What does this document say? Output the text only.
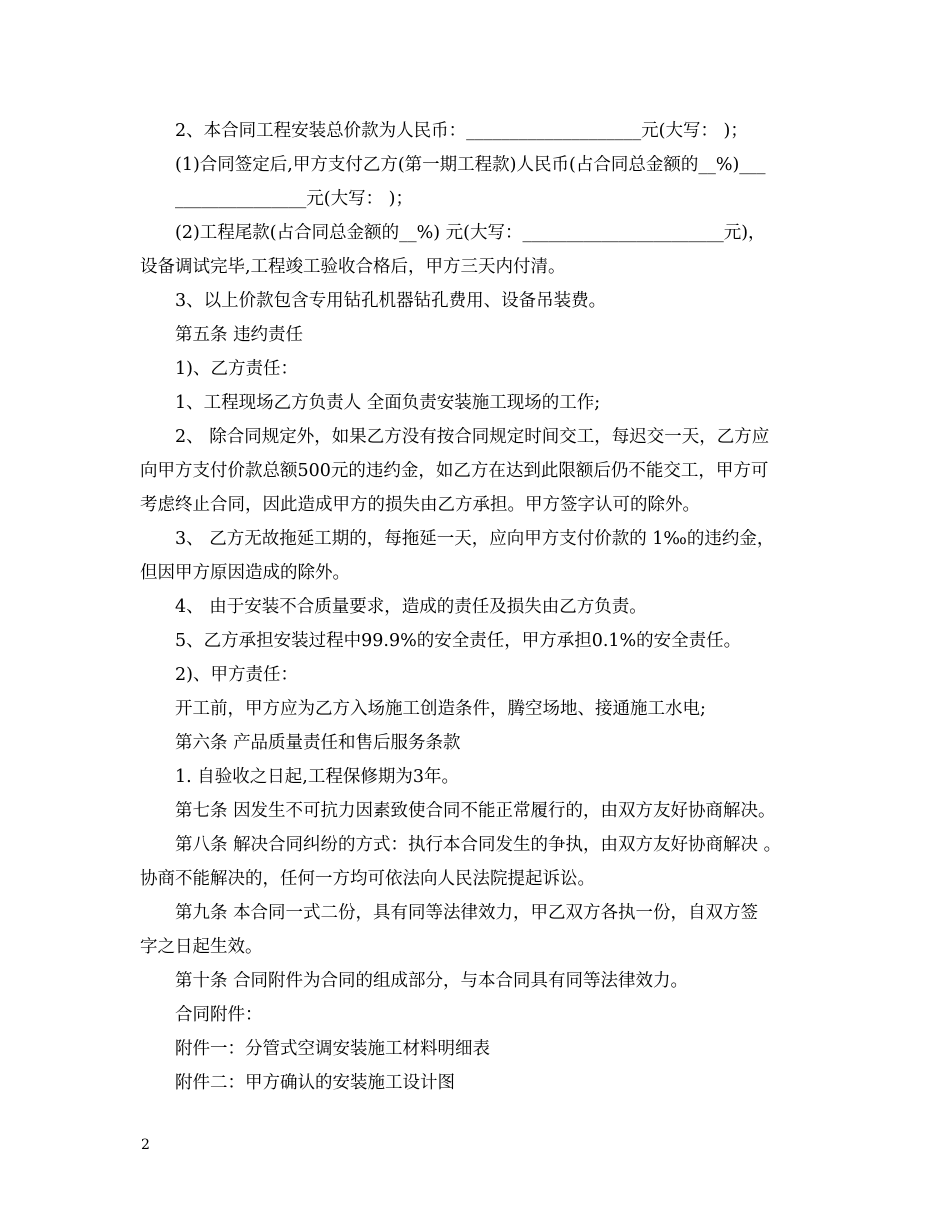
2、本合同工程安装总价款为人民币：____________________元(大写： )；

(1)合同签定后,甲方支付乙方(第一期工程款)人民币(占合同总金额的__%)___

_______________元(大写： )；

(2)工程尾款(占合同总金额的__%) 元(大写：_______________________元)，

设备调试完毕,工程竣工验收合格后，甲方三天内付清。

3、以上价款包含专用钻孔机器钻孔费用、设备吊装费。

第五条 违约责任

1)、乙方责任：

1、工程现场乙方负责人 全面负责安装施工现场的工作;

2、 除合同规定外，如果乙方没有按合同规定时间交工，每迟交一天，乙方应

向甲方支付价款总额500元的违约金，如乙方在达到此限额后仍不能交工，甲方可

考虑终止合同，因此造成甲方的损失由乙方承担。甲方签字认可的除外。

3、 乙方无故拖延工期的，每拖延一天，应向甲方支付价款的 1‰的违约金，

但因甲方原因造成的除外。

4、 由于安装不合质量要求，造成的责任及损失由乙方负责。

5、乙方承担安装过程中99.9%的安全责任，甲方承担0.1%的安全责任。

2)、甲方责任：

开工前，甲方应为乙方入场施工创造条件，腾空场地、接通施工水电;

第六条 产品质量责任和售后服务条款

1. 自验收之日起,工程保修期为3年。

第七条 因发生不可抗力因素致使合同不能正常履行的，由双方友好协商解决。

第八条 解决合同纠纷的方式：执行本合同发生的争执，由双方友好协商解决 。

协商不能解决的，任何一方均可依法向人民法院提起诉讼。

第九条 本合同一式二份，具有同等法律效力，甲乙双方各执一份，自双方签

字之日起生效。

第十条 合同附件为合同的组成部分，与本合同具有同等法律效力。

合同附件：

附件一：分管式空调安装施工材料明细表

附件二：甲方确认的安装施工设计图

2
